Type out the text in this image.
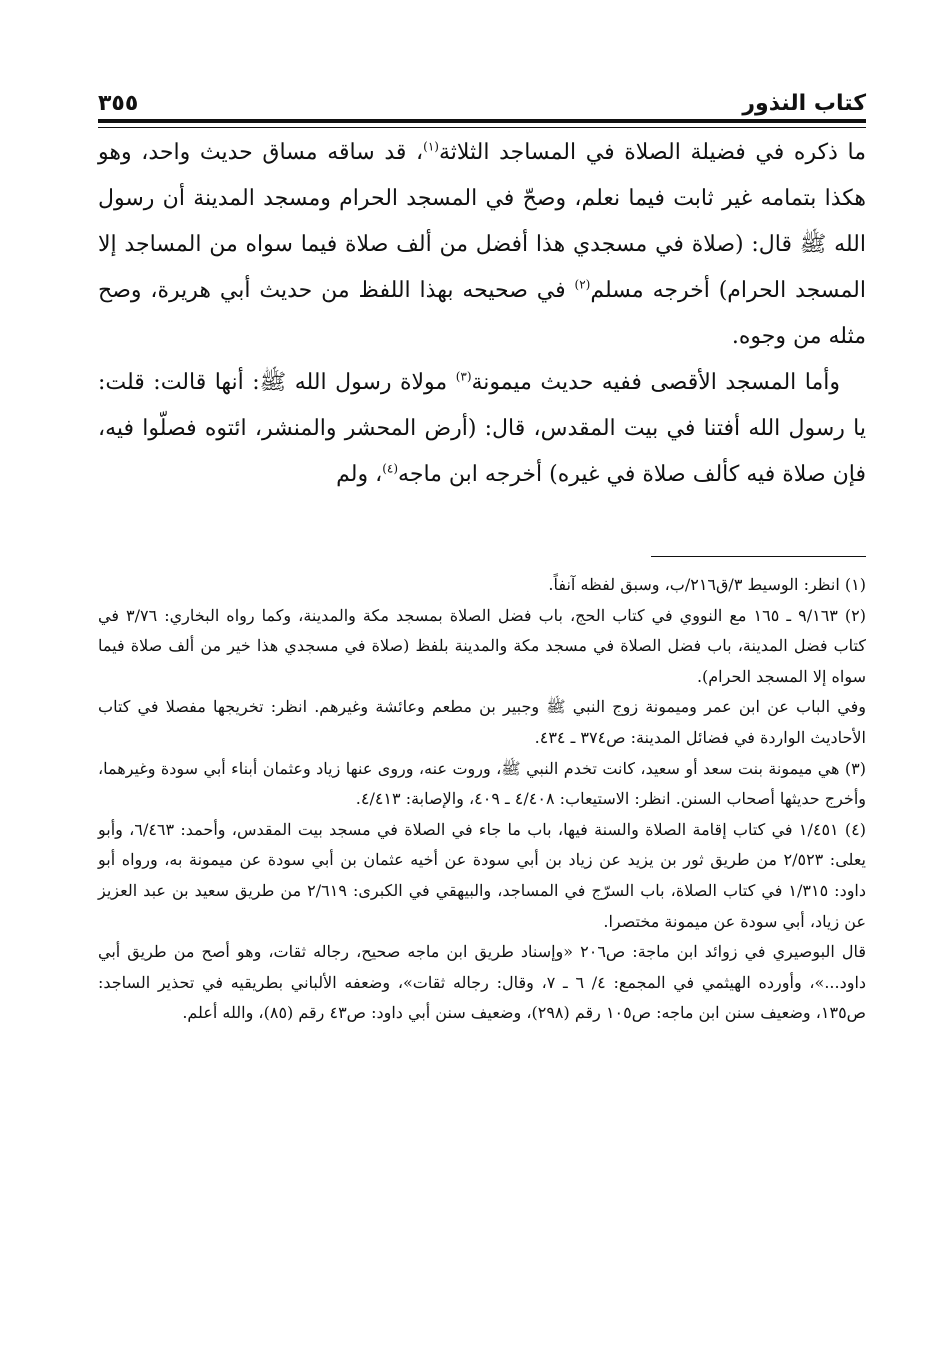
كتاب النذور
٣٥٥

ما ذكره في فضيلة الصلاة في المساجد الثلاثة$^{(١)}$، قد ساقه مساق حديث واحد، وهو هكذا بتمامه غير ثابت فيما نعلم، وصحّ في المسجد الحرام ومسجد المدينة أن رسول الله ﷺ قال: (صلاة في مسجدي هذا أفضل من ألف صلاة فيما سواه من المساجد إلا المسجد الحرام) أخرجه مسلم$^{(٢)}$ في صحيحه بهذا اللفظ من حديث أبي هريرة، وصح مثله من وجوه.

وأما المسجد الأقصى ففيه حديث ميمونة$^{(٣)}$ مولاة رسول الله ﷺ: أنها قالت: قلت: يا رسول الله أفتنا في بيت المقدس، قال: (أرض المحشر والمنشر، ائتوه فصلّوا فيه، فإن صلاة فيه كألف صلاة في غيره) أخرجه ابن ماجه$^{(٤)}$، ولم

(١) انظر: الوسيط ٣/ق٢١٦/ب، وسبق لفظه آنفاً.

(٢) ٩/١٦٣ ـ ١٦٥ مع النووي في كتاب الحج، باب فضل الصلاة بمسجد مكة والمدينة، وكما رواه البخاري: ٣/٧٦ في كتاب فضل المدينة، باب فضل الصلاة في مسجد مكة والمدينة بلفظ (صلاة في مسجدي هذا خير من ألف صلاة فيما سواه إلا المسجد الحرام).

وفي الباب عن ابن عمر وميمونة زوج النبي ﷺ وجبير بن مطعم وعائشة وغيرهم. انظر: تخريجها مفصلا في كتاب الأحاديث الواردة في فضائل المدينة: ص٣٧٤ ـ ٤٣٤.

(٣) هي ميمونة بنت سعد أو سعيد، كانت تخدم النبي ﷺ، وروت عنه، وروى عنها زياد وعثمان أبناء أبي سودة وغيرهما، وأخرج حديثها أصحاب السنن. انظر: الاستيعاب: ٤/٤٠٨ ـ ٤٠٩، والإصابة: ٤/٤١٣.

(٤) ١/٤٥١ في كتاب إقامة الصلاة والسنة فيها، باب ما جاء في الصلاة في مسجد بيت المقدس، وأحمد: ٦/٤٦٣، وأبو يعلى: ٢/٥٢٣ من طريق ثور بن يزيد عن زياد بن أبي سودة عن أخيه عثمان بن أبي سودة عن ميمونة به، ورواه أبو داود: ١/٣١٥ في كتاب الصلاة، باب السرّج في المساجد، والبيهقي في الكبرى: ٢/٦١٩ من طريق سعيد بن عبد العزيز عن زياد، أبي سودة عن ميمونة مختصرا.

قال البوصيري في زوائد ابن ماجة: ص٢٠٦ «وإسناد طريق ابن ماجه صحيح، رجاله ثقات، وهو أصح من طريق أبي داود...»، وأورده الهيثمي في المجمع: ٤/ ٦ ـ ٧، وقال: رجاله ثقات»، وضعفه الألباني بطريقيه في تحذير الساجد: ص١٣٥، وضعيف سنن ابن ماجه: ص١٠٥ رقم (٢٩٨)، وضعيف سنن أبي داود: ص٤٣ رقم (٨٥)، والله أعلم.
